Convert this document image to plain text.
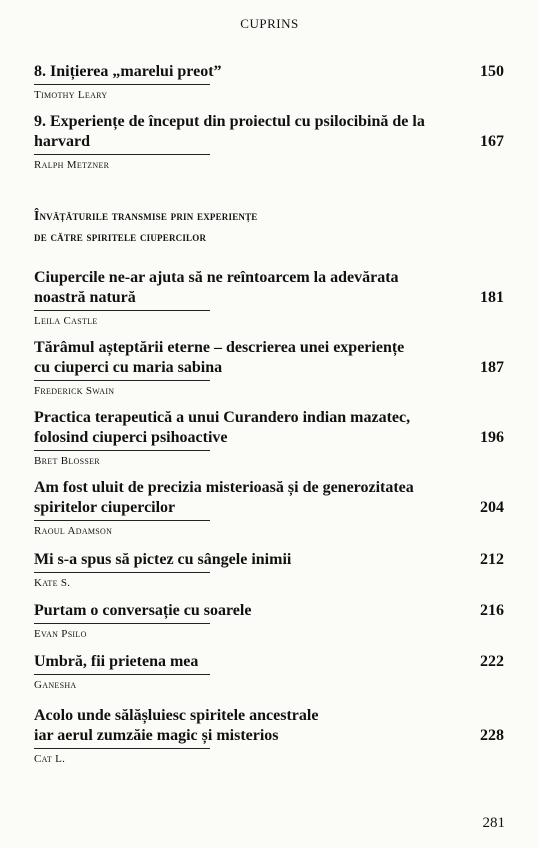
CUPRINS
8. Inițierea „marelui preot”	150
Timothy Leary
9. Experiențe de început din proiectul cu psilocibină de la
harvard	167
Ralph Metzner
Învățăturile transmise prin experiențe
de către spiritele ciupercilor
Ciupercile ne-ar ajuta să ne reîntoarcem la adevărata
noastră natură	181
Leila Castle
Tărâmul așteptării eterne – descrierea unei experiențe
cu ciuperci cu maria sabina	187
Frederick Swain
Practica terapeutică a unui Curandero indian mazatec,
folosind ciuperci psihoactive	196
Bret Blosser
Am fost uluit de precizia misterioasă și de generozitatea
spiritelor ciupercilor	204
Raoul Adamson
Mi s-a spus să pictez cu sângele inimii	212
Kate S.
Purtam o conversație cu soarele	216
Evan Psilo
Umbră, fii prietena mea	222
Ganesha
Acolo unde sălășluiesc spiritele ancestrale
iar aerul zumzăie magic și misterios	228
Cat L.
281
